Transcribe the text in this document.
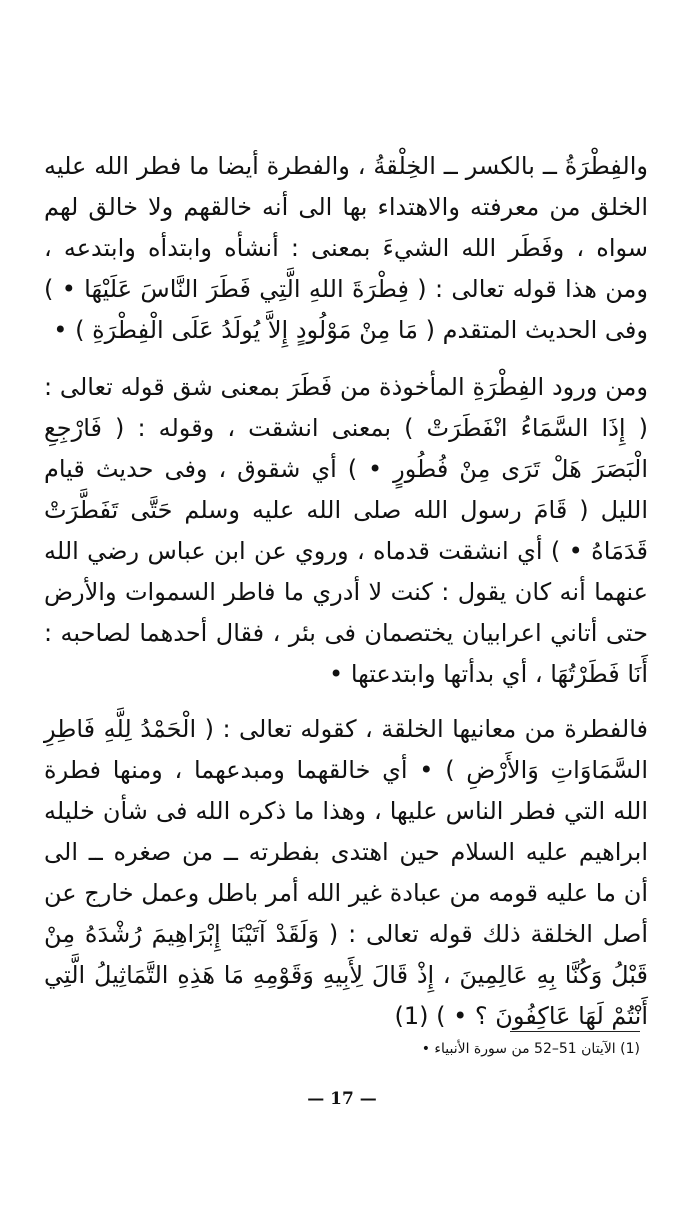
والفِطْرَةُ ــ بالكسر ــ الخِلْقةُ ، والفطرة أيضا ما فطر الله عليه الخلق من معرفته والاهتداء بها الى أنه خالقهم ولا خالق لهم سواه ، وفَطَر الله الشيءَ بمعنى : أنشأه وابتدأه وابتدعه ، ومن هذا قوله تعالى : ( فِطْرَةَ اللهِ الَّتِي فَطَرَ النَّاسَ عَلَيْهَا • ) وفى الحديث المتقدم ( مَا مِنْ مَوْلُودٍ إِلاَّ يُولَدُ عَلَى الْفِطْرَةِ ) •

ومن ورود الفِطْرَةِ المأخوذة من فَطَرَ بمعنى شق قوله تعالى : ( إِذَا السَّمَاءُ انْفَطَرَتْ ) بمعنى انشقت ، وقوله : ( فَارْجِعِ الْبَصَرَ هَلْ تَرَى مِنْ فُطُورٍ • ) أي شقوق ، وفى حديث قيام الليل ( قَامَ رسول الله صلى الله عليه وسلم حَتَّى تَفَطَّرَتْ قَدَمَاهُ • ) أي انشقت قدماه ، وروي عن ابن عباس رضي الله عنهما أنه كان يقول : كنت لا أدري ما فاطر السموات والأرض حتى أتاني اعرابيان يختصمان فى بئر ، فقال أحدهما لصاحبه : أَنَا فَطَرْتُهَا ، أي بدأتها وابتدعتها •

فالفطرة من معانيها الخلقة ، كقوله تعالى : ( الْحَمْدُ لِلَّهِ فَاطِرِ السَّمَاوَاتِ وَالأَرْضِ ) • أي خالقهما ومبدعهما ، ومنها فطرة الله التي فطر الناس عليها ، وهذا ما ذكره الله فى شأن خليله ابراهيم عليه السلام حين اهتدى بفطرته ــ من صغره ــ الى أن ما عليه قومه من عبادة غير الله أمر باطل وعمل خارج عن أصل الخلقة ذلك قوله تعالى : ( وَلَقَدْ آتَيْنَا إِبْرَاهِيمَ رُشْدَهُ مِنْ قَبْلُ وَكُنَّا بِهِ عَالِمِينَ ، إِذْ قَالَ لِأَبِيهِ وَقَوْمِهِ مَا هَذِهِ التَّمَاثِيلُ الَّتِي أَنْتُمْ لَهَا عَاكِفُونَ ؟ • ) (1)

(1) الآيتان 51–52 من سورة الأنبياء •
— 17 —
